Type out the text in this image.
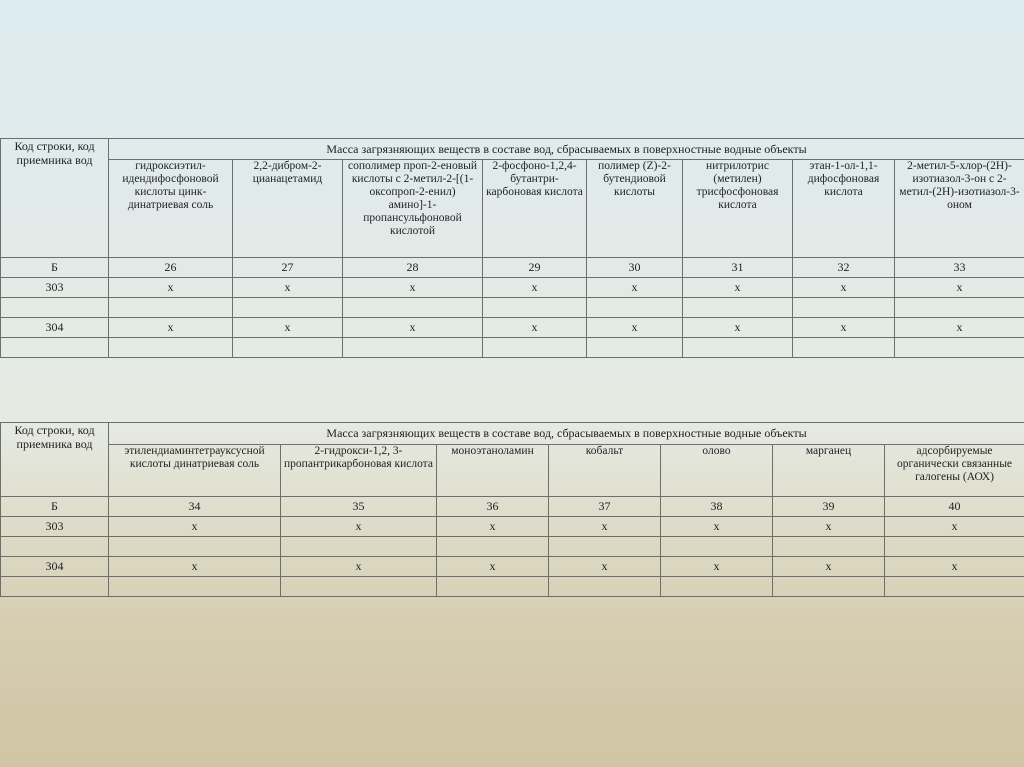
Код строки, код приемника вод	Масса загрязняющих веществ в составе вод, сбрасываемых в поверхностные водные объекты							
	гидроксиэтил-идендифосфоновой кислоты цинк-динатриевая соль	2,2-дибром-2-цианацетамид	сополимер проп-2-еновый кислоты с 2-метил-2-[(1-оксопроп-2-енил) амино]-1-пропансульфоновой кислотой	2-фосфоно-1,2,4-бутантри-карбоновая кислота	полимер (Z)-2-бутендиовой кислоты	нитрилотрис (метилен) трисфосфоновая кислота	этан-1-ол-1,1-дифосфоновая кислота	2-метил-5-хлор-(2Н)-изотиазол-3-он с 2-метил-(2Н)-изотиазол-3-оном
Б	26	27	28	29	30	31	32	33
303	х	х	х	х	х	х	х	х

304	х	х	х	х	х	х	х	х

Код строки, код приемника вод	Масса загрязняющих веществ в составе вод, сбрасываемых в поверхностные водные объекты						
	этилендиаминтетрауксусной кислоты динатриевая соль	2-гидрокси-1,2, 3-пропантрикарбоновая кислота	моноэтаноламин	кобальт	олово	марганец	адсорбируемые органически связанные галогены (АОХ)
Б	34	35	36	37	38	39	40
303	х	х	х	х	х	х	х

304	х	х	х	х	х	х	х
